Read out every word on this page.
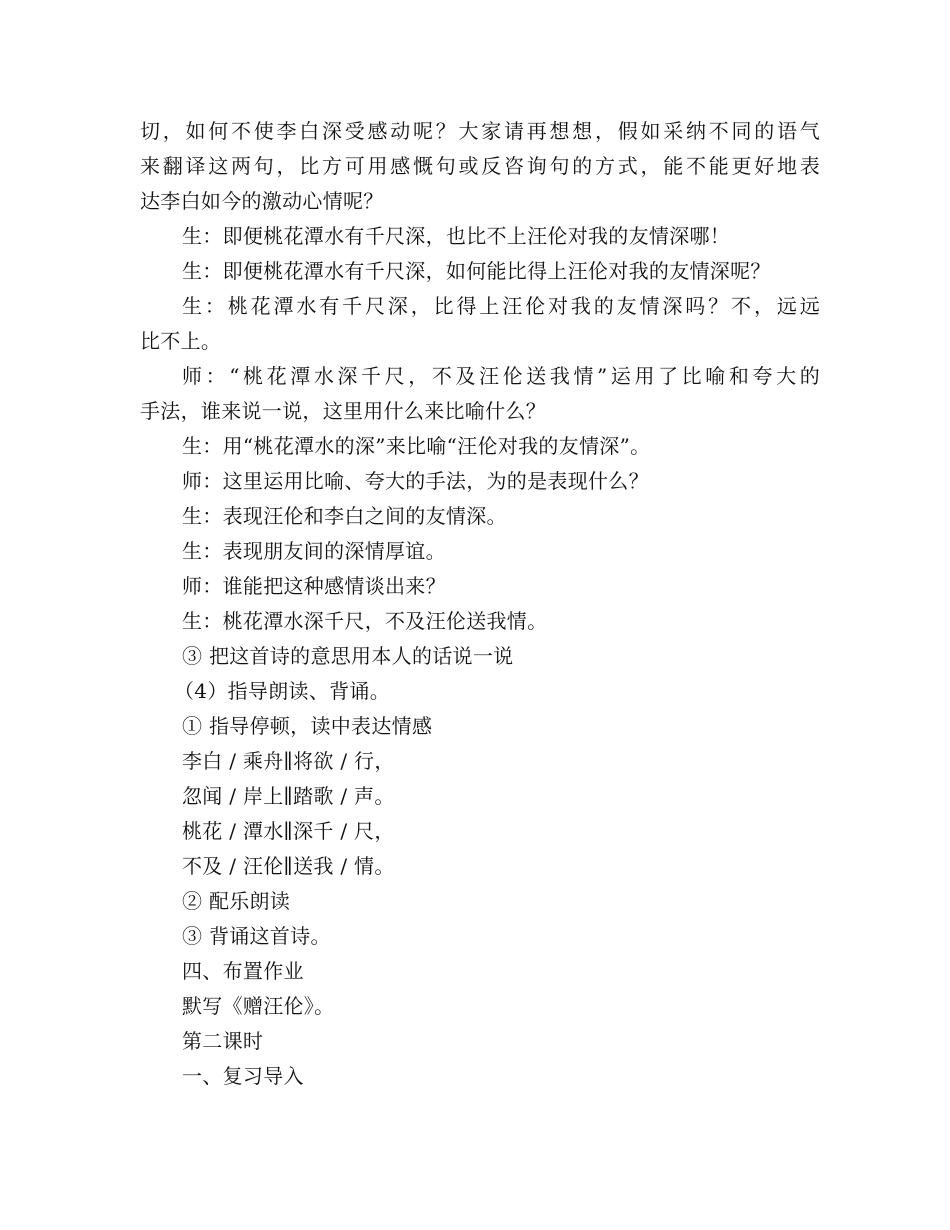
切，如何不使李白深受感动呢？大家请再想想，假如采纳不同的语气
来翻译这两句，比方可用感慨句或反咨询句的方式，能不能更好地表
达李白如今的激动心情呢？
生：即便桃花潭水有千尺深，也比不上汪伦对我的友情深哪！
生：即便桃花潭水有千尺深，如何能比得上汪伦对我的友情深呢？
生：桃花潭水有千尺深，比得上汪伦对我的友情深吗？不，远远
比不上。
师：“桃花潭水深千尺，不及汪伦送我情”运用了比喻和夸大的
手法，谁来说一说，这里用什么来比喻什么？
生：用“桃花潭水的深”来比喻“汪伦对我的友情深”。
师：这里运用比喻、夸大的手法，为的是表现什么？
生：表现汪伦和李白之间的友情深。
生：表现朋友间的深情厚谊。
师：谁能把这种感情谈出来？
生：桃花潭水深千尺，不及汪伦送我情。
③ 把这首诗的意思用本人的话说一说
（4）指导朗读、背诵。
① 指导停顿，读中表达情感
李白 / 乘舟∥将欲 / 行，
忽闻 / 岸上∥踏歌 / 声。
桃花 / 潭水∥深千 / 尺，
不及 / 汪伦∥送我 / 情。
② 配乐朗读
③ 背诵这首诗。
四、布置作业
默写《赠汪伦》。
第二课时
一、复习导入
